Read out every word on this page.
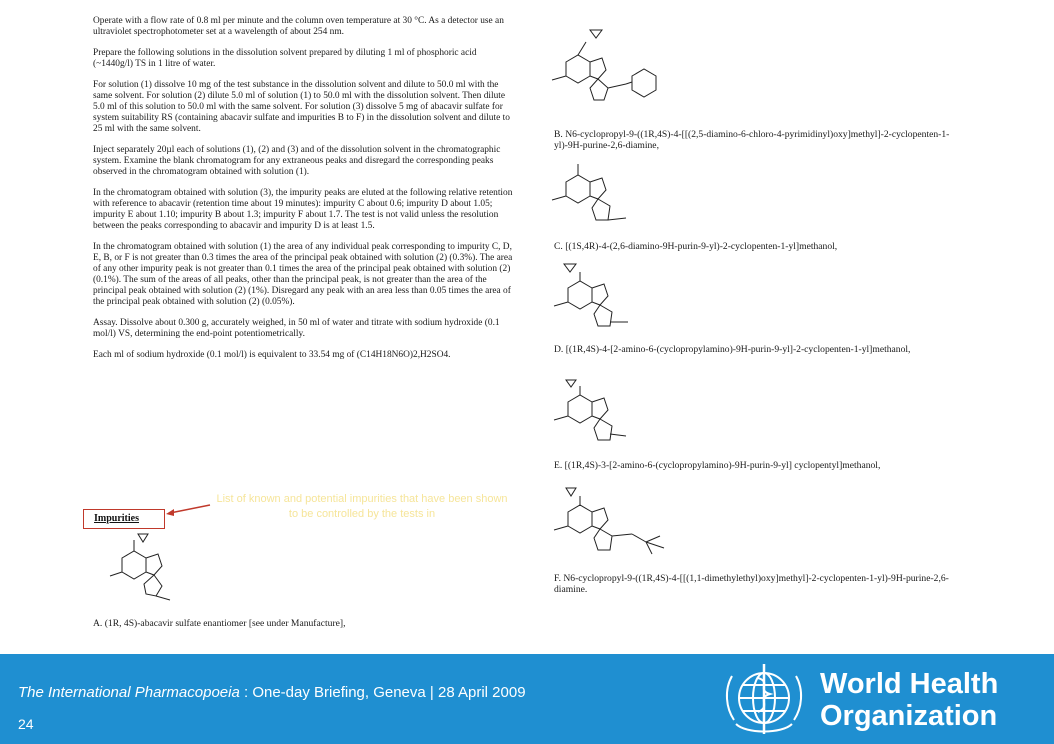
Operate with a flow rate of 0.8 ml per minute and the column oven temperature at 30 °C. As a detector use an ultraviolet spectrophotometer set at a wavelength of about 254 nm.

Prepare the following solutions in the dissolution solvent prepared by diluting 1 ml of phosphoric acid (~1440g/l) TS in 1 litre of water.

For solution (1) dissolve 10 mg of the test substance in the dissolution solvent and dilute to 50.0 ml with the same solvent. For solution (2) dilute 5.0 ml of solution (1) to 50.0 ml with the dissolution solvent. Then dilute 5.0 ml of this solution to 50.0 ml with the same solvent. For solution (3) dissolve 5 mg of abacavir sulfate for system suitability RS (containing abacavir sulfate and impurities B to F) in the dissolution solvent and dilute to 25 ml with the same solvent.

Inject separately 20µl each of solutions (1), (2) and (3) and of the dissolution solvent in the chromatographic system. Examine the blank chromatogram for any extraneous peaks and disregard the corresponding peaks observed in the chromatogram obtained with solution (1).

In the chromatogram obtained with solution (3), the impurity peaks are eluted at the following relative retention with reference to abacavir (retention time about 19 minutes): impurity C about 0.6; impurity D about 1.05; impurity E about 1.10; impurity B about 1.3; impurity F about 1.7. The test is not valid unless the resolution between the peaks corresponding to abacavir and impurity D is at least 1.5.

In the chromatogram obtained with solution (1) the area of any individual peak corresponding to impurity C, D, E, B, or F is not greater than 0.3 times the area of the principal peak obtained with solution (2) (0.3%). The area of any other impurity peak is not greater than 0.1 times the area of the principal peak obtained with solution (2) (0.1%). The sum of the areas of all peaks, other than the principal peak, is not greater than the area of the principal peak obtained with solution (2) (1%). Disregard any peak with an area less than 0.05 times the area of the principal peak obtained with solution (2) (0.05%).

Assay. Dissolve about 0.300 g, accurately weighed, in 50 ml of water and titrate with sodium hydroxide (0.1 mol/l) VS, determining the end-point potentiometrically.

Each ml of sodium hydroxide (0.1 mol/l) is equivalent to 33.54 mg of (C14H18N6O)2,H2SO4.

Impurities
List of known and potential impurities that have been shown to be controlled by the tests in
A. (1R, 4S)-abacavir sulfate enantiomer [see under Manufacture],
B. N6-cyclopropyl-9-((1R,4S)-4-[[(2,5-diamino-6-chloro-4-pyrimidinyl)oxy]methyl]-2-cyclopenten-1-yl)-9H-purine-2,6-diamine,
C. [(1S,4R)-4-(2,6-diamino-9H-purin-9-yl)-2-cyclopenten-1-yl]methanol,
D. [(1R,4S)-4-[2-amino-6-(cyclopropylamino)-9H-purin-9-yl]-2-cyclopenten-1-yl]methanol,
E. [(1R,4S)-3-[2-amino-6-(cyclopropylamino)-9H-purin-9-yl] cyclopentyl]methanol,
F. N6-cyclopropyl-9-((1R,4S)-4-[[(1,1-dimethylethyl)oxy]methyl]-2-cyclopenten-1-yl)-9H-purine-2,6-diamine.
The International Pharmacopoeia : One-day Briefing, Geneva | 28 April 2009
24
World Health
Organization
